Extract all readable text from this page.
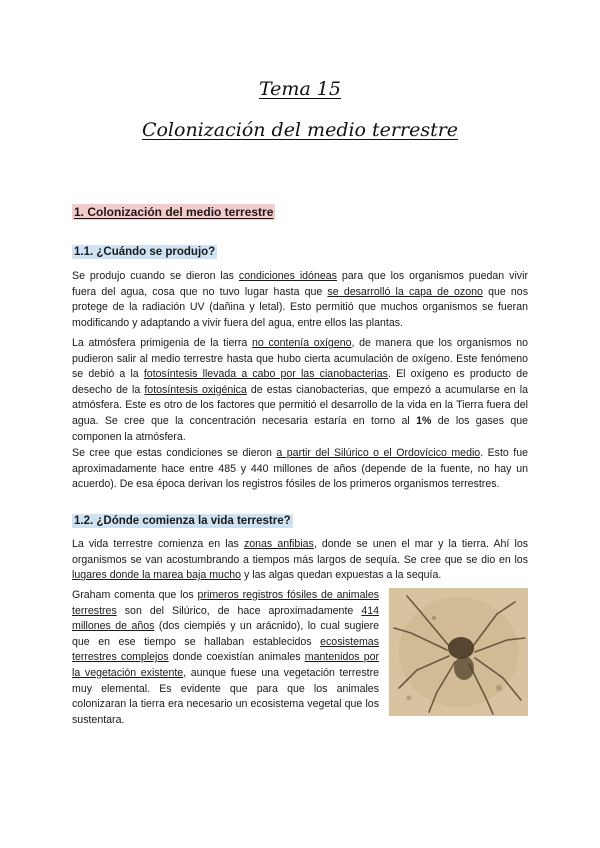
Tema 15
Colonización del medio terrestre
1. Colonización del medio terrestre
1.1. ¿Cuándo se produjo?

Se produjo cuando se dieron las condiciones idóneas para que los organismos puedan vivir fuera del agua, cosa que no tuvo lugar hasta que se desarrolló la capa de ozono que nos protege de la radiación UV (dañina y letal). Esto permitió que muchos organismos se fueran modificando y adaptando a vivir fuera del agua, entre ellos las plantas.

La atmósfera primigenia de la tierra no contenía oxígeno, de manera que los organismos no pudieron salir al medio terrestre hasta que hubo cierta acumulación de oxígeno. Este fenómeno se debió a la fotosíntesis llevada a cabo por las cianobacterias. El oxígeno es producto de desecho de la fotosíntesis oxigénica de estas cianobacterias, que empezó a acumularse en la atmósfera. Este es otro de los factores que permitió el desarrollo de la vida en la Tierra fuera del agua. Se cree que la concentración necesaria estaría en torno al 1% de los gases que componen la atmósfera.

Se cree que estas condiciones se dieron a partir del Silúrico o el Ordovícico medio. Esto fue aproximadamente hace entre 485 y 440 millones de años (depende de la fuente, no hay un acuerdo). De esa época derivan los registros fósiles de los primeros organismos terrestres.

1.2. ¿Dónde comienza la vida terrestre?

La vida terrestre comienza en las zonas anfibias, donde se unen el mar y la tierra. Ahí los organismos se van acostumbrando a tiempos más largos de sequía. Se cree que se dio en los lugares donde la marea baja mucho y las algas quedan expuestas a la sequía.

Graham comenta que los primeros registros fósiles de animales terrestres son del Silúrico, de hace aproximadamente 414 millones de años (dos ciempiés y un arácnido), lo cual sugiere que en ese tiempo se hallaban establecidos ecosistemas terrestres complejos donde coexistían animales mantenidos por la vegetación existente, aunque fuese una vegetación terrestre muy elemental. Es evidente que para que los animales colonizaran la tierra era necesario un ecosistema vegetal que los sustentara.
